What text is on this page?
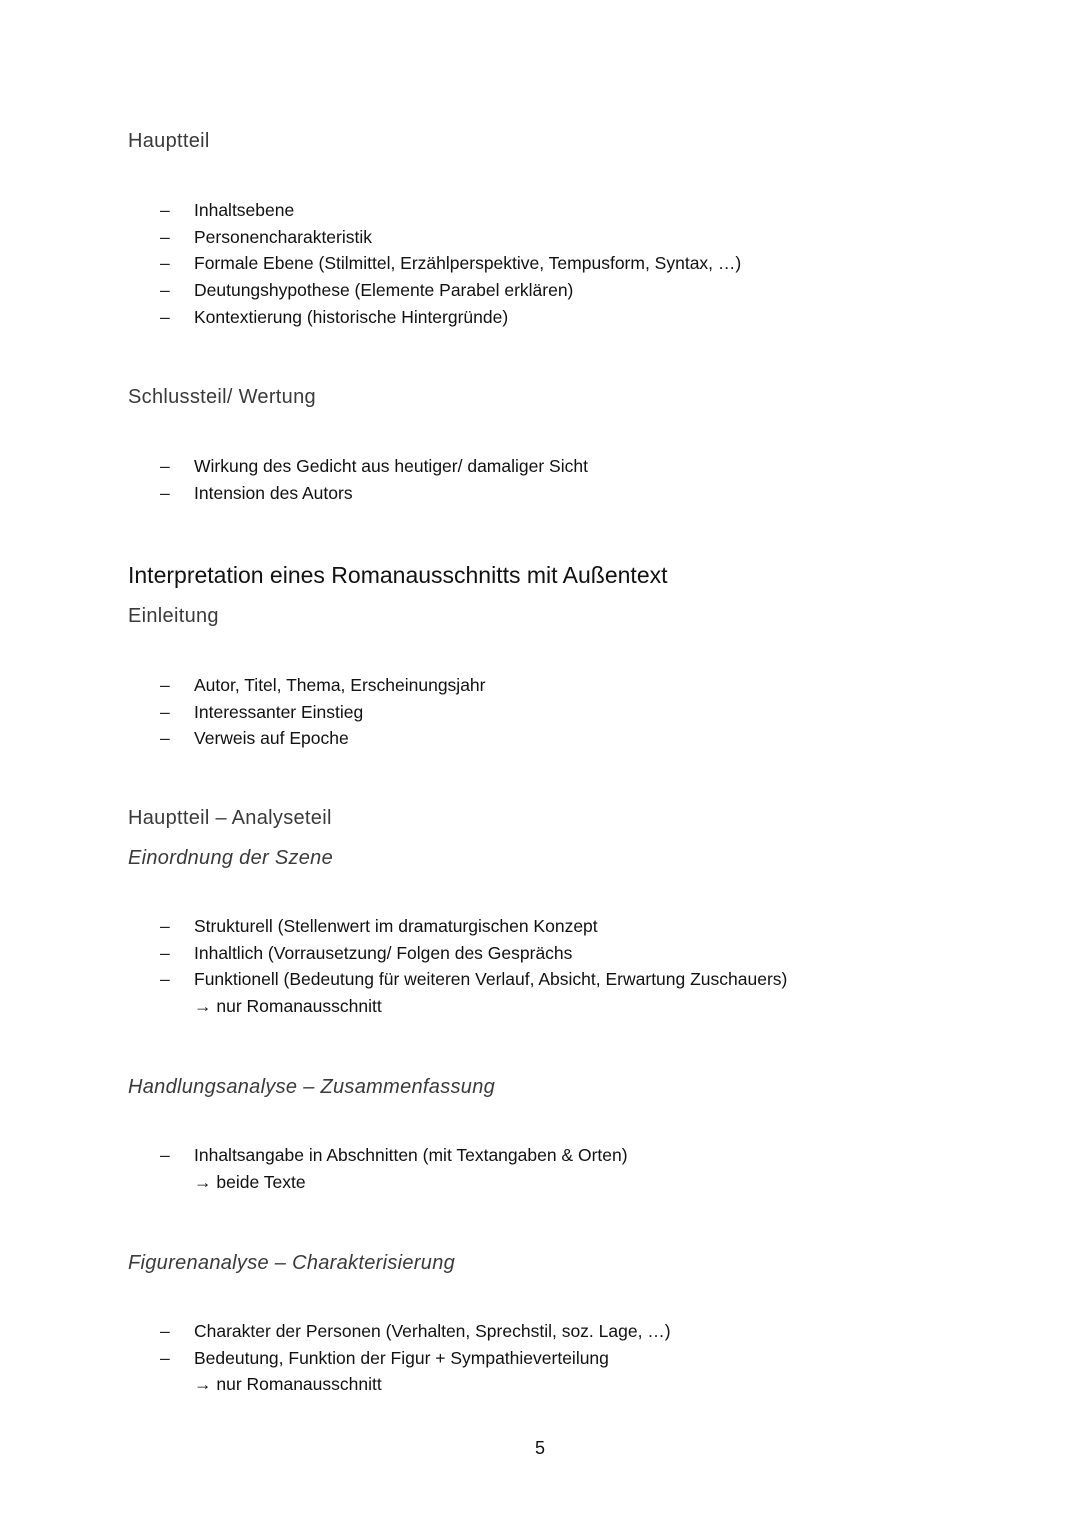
Hauptteil
– Inhaltsebene
– Personencharakteristik
– Formale Ebene (Stilmittel, Erzählperspektive, Tempusform, Syntax, …)
– Deutungshypothese (Elemente Parabel erklären)
– Kontextierung (historische Hintergründe)
Schlussteil/ Wertung
– Wirkung des Gedicht aus heutiger/ damaliger Sicht
– Intension des Autors
Interpretation eines Romanausschnitts mit Außentext
Einleitung
– Autor, Titel, Thema, Erscheinungsjahr
– Interessanter Einstieg
– Verweis auf Epoche
Hauptteil – Analyseteil
Einordnung der Szene
– Strukturell (Stellenwert im dramaturgischen Konzept
– Inhaltlich (Vorrausetzung/ Folgen des Gesprächs
– Funktionell (Bedeutung für weiteren Verlauf, Absicht, Erwartung Zuschauers)
→ nur Romanausschnitt
Handlungsanalyse – Zusammenfassung
– Inhaltsangabe in Abschnitten (mit Textangaben & Orten)
→ beide Texte
Figurenanalyse – Charakterisierung
– Charakter der Personen (Verhalten, Sprechstil, soz. Lage, …)
– Bedeutung, Funktion der Figur + Sympathieverteilung
→ nur Romanausschnitt
5
